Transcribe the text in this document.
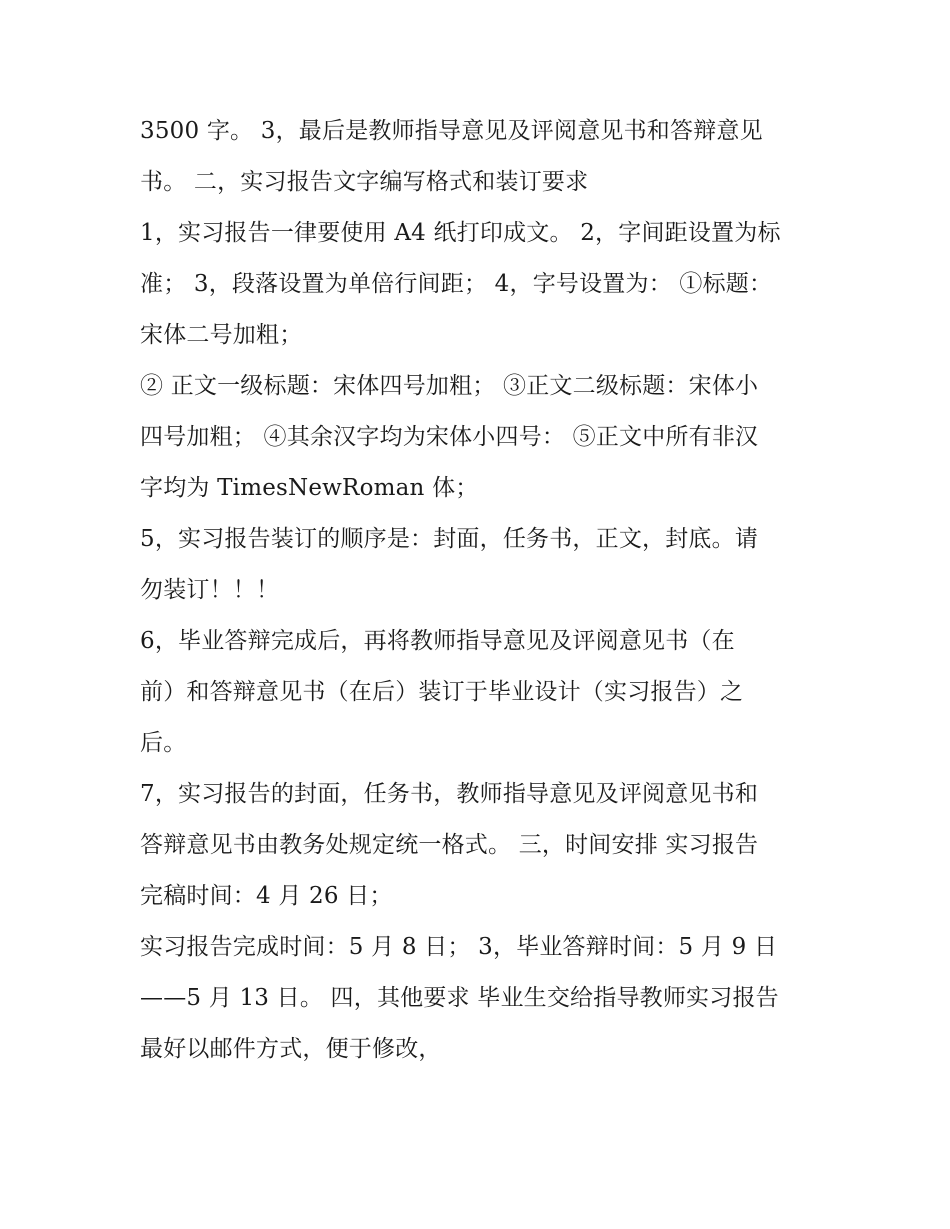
3500 字。 3，最后是教师指导意见及评阅意见书和答辩意见
书。 二，实习报告文字编写格式和装订要求
1，实习报告一律要使用 A4 纸打印成文。 2，字间距设置为标
准； 3，段落设置为单倍行间距； 4，字号设置为： ①标题：
宋体二号加粗；
② 正文一级标题：宋体四号加粗； ③正文二级标题：宋体小
四号加粗； ④其余汉字均为宋体小四号： ⑤正文中所有非汉
字均为 TimesNewRoman 体；
5，实习报告装订的顺序是：封面，任务书，正文，封底。请
勿装订！！！
6，毕业答辩完成后，再将教师指导意见及评阅意见书（在
前）和答辩意见书（在后）装订于毕业设计（实习报告）之
后。
7，实习报告的封面，任务书，教师指导意见及评阅意见书和
答辩意见书由教务处规定统一格式。 三，时间安排 实习报告
完稿时间：4 月 26 日；
实习报告完成时间：5 月 8 日； 3，毕业答辩时间：5 月 9 日
——5 月 13 日。 四，其他要求 毕业生交给指导教师实习报告
最好以邮件方式，便于修改，
